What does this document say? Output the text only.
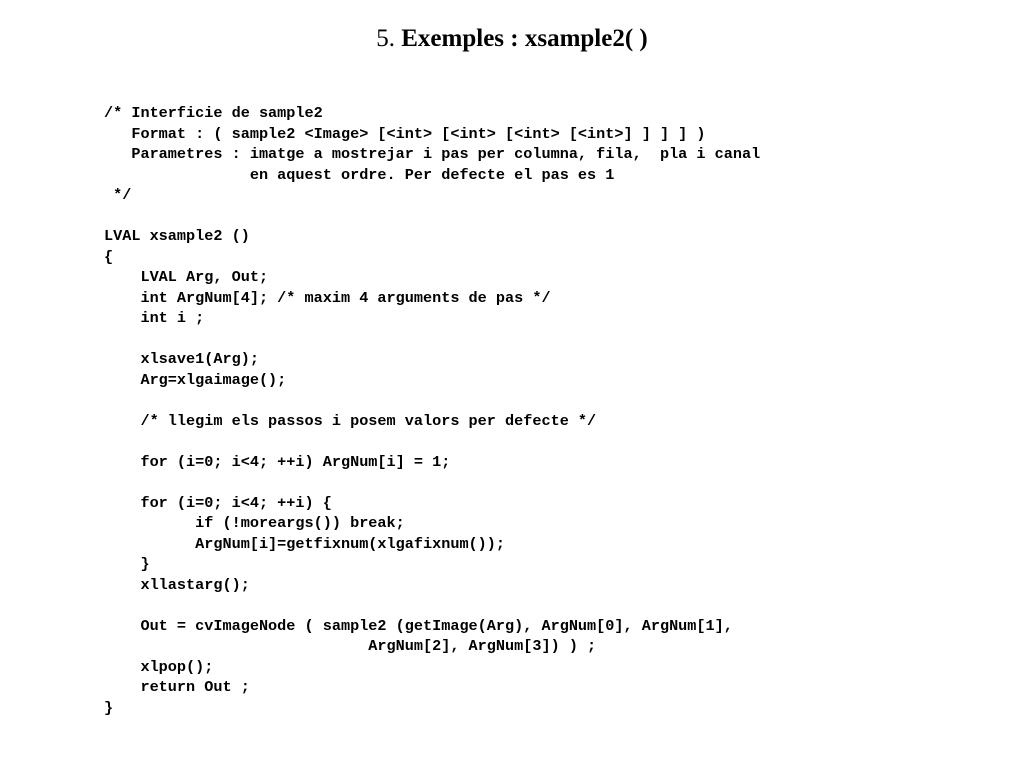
5. Exemples : xsample2( )
/* Interficie de sample2
Format : ( sample2 <Image> [<int> [<int> [<int> [<int>] ] ] ] )
Parametres : imatge a mostrejar i pas per columna, fila,  pla i canal
en aquest ordre. Per defecte el pas es 1
*/
LVAL xsample2 ()
{
LVAL Arg, Out;
int ArgNum[4]; /* maxim 4 arguments de pas */
int i ;
xlsave1(Arg);
Arg=xlgaimage();
/* llegim els passos i posem valors per defecte */
for (i=0; i<4; ++i) ArgNum[i] = 1;
for (i=0; i<4; ++i) {
if (!moreargs()) break;
ArgNum[i]=getfixnum(xlgafixnum());
}
xllastarg();
Out = cvImageNode ( sample2 (getImage(Arg), ArgNum[0], ArgNum[1],
ArgNum[2], ArgNum[3]) ) ;
xlpop();
return Out ;
}
